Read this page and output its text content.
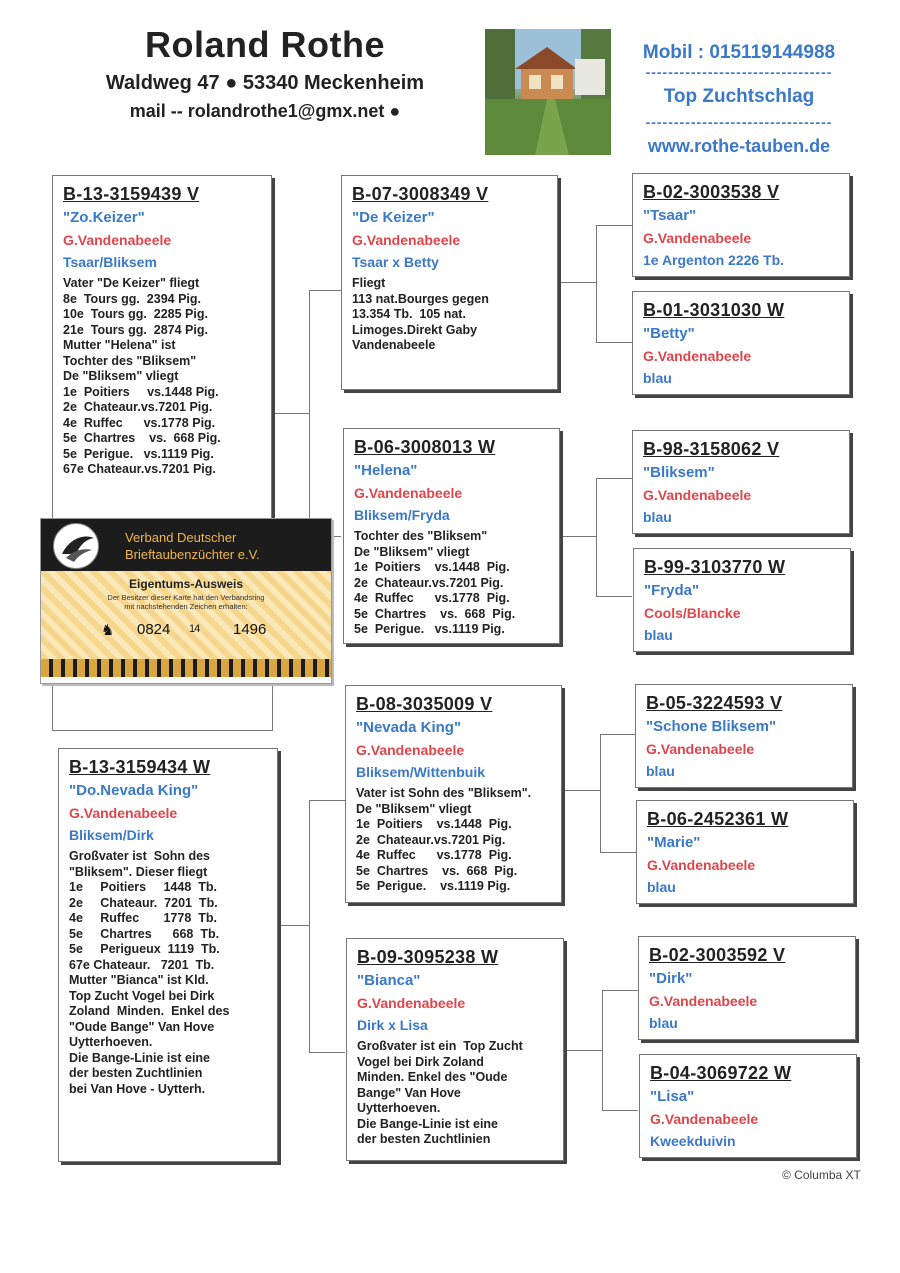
Roland Rothe
Waldweg 47 ● 53340 Meckenheim
mail -- rolandrothe1@gmx.net ●
Mobil : 015119144988
---------------------------------
Top Zuchtschlag
---------------------------------
www.rothe-tauben.de
B-13-3159439 V
"Zo.Keizer"
G.Vandenabeele
Tsaar/Bliksem
Vater "De Keizer" fliegt
8e  Tours gg.  2394 Pig.
10e  Tours gg.  2285 Pig.
21e  Tours gg.  2874 Pig.
Mutter "Helena" ist
Tochter des "Bliksem"
De "Bliksem" vliegt
1e  Poitiers     vs.1448 Pig.
2e  Chateaur.vs.7201 Pig.
4e  Ruffec      vs.1778 Pig.
5e  Chartres    vs.  668 Pig.
5e  Perigue.   vs.1119 Pig.
67e Chateaur.vs.7201 Pig.
B-13-3159434 W
"Do.Nevada King"
G.Vandenabeele
Bliksem/Dirk
Großvater ist  Sohn des
"Bliksem". Dieser fliegt
1e     Poitiers     1448  Tb.
2e     Chateaur.  7201  Tb.
4e     Ruffec       1778  Tb.
5e     Chartres      668  Tb.
5e     Perigueux  1119  Tb.
67e Chateaur.   7201  Tb.
Mutter "Bianca" ist Kld.
Top Zucht Vogel bei Dirk
Zoland  Minden.  Enkel des
"Oude Bange" Van Hove
Uytterhoeven.
Die Bange-Linie ist eine
der besten Zuchtlinien
bei Van Hove - Uytterh.
B-07-3008349 V
"De Keizer"
G.Vandenabeele
Tsaar x Betty
Fliegt
113 nat.Bourges gegen
13.354 Tb.  105 nat.
Limoges.Direkt Gaby
Vandenabeele
B-06-3008013 W
"Helena"
G.Vandenabeele
Bliksem/Fryda
Tochter des "Bliksem"
De "Bliksem" vliegt
1e  Poitiers    vs.1448  Pig.
2e  Chateaur.vs.7201 Pig.
4e  Ruffec      vs.1778  Pig.
5e  Chartres    vs.  668  Pig.
5e  Perigue.   vs.1119 Pig.
B-08-3035009 V
"Nevada King"
G.Vandenabeele
Bliksem/Wittenbuik
Vater ist Sohn des "Bliksem".
De "Bliksem" vliegt
1e  Poitiers    vs.1448  Pig.
2e  Chateaur.vs.7201 Pig.
4e  Ruffec      vs.1778  Pig.
5e  Chartres    vs.  668  Pig.
5e  Perigue.    vs.1119 Pig.
B-09-3095238 W
"Bianca"
G.Vandenabeele
Dirk x Lisa
Großvater ist ein  Top Zucht
Vogel bei Dirk Zoland
Minden. Enkel des "Oude
Bange" Van Hove
Uytterhoeven.
Die Bange-Linie ist eine
der besten Zuchtlinien
B-02-3003538 V
"Tsaar"
G.Vandenabeele
1e Argenton 2226 Tb.
B-01-3031030 W
"Betty"
G.Vandenabeele
blau
B-98-3158062 V
"Bliksem"
G.Vandenabeele
blau
B-99-3103770 W
"Fryda"
Cools/Blancke
blau
B-05-3224593 V
"Schone Bliksem"
G.Vandenabeele
blau
B-06-2452361 W
"Marie"
G.Vandenabeele
blau
B-02-3003592 V
"Dirk"
G.Vandenabeele
blau
B-04-3069722 W
"Lisa"
G.Vandenabeele
Kweekduivin
Verband Deutscher
Brieftaubenzüchter e.V.
Eigentums-Ausweis
Der Besitzer dieser Karte hat den Verbandsring
mit nachstehenden Zeichen erhalten:
♞ 0824 14 1496
© Columba XT
